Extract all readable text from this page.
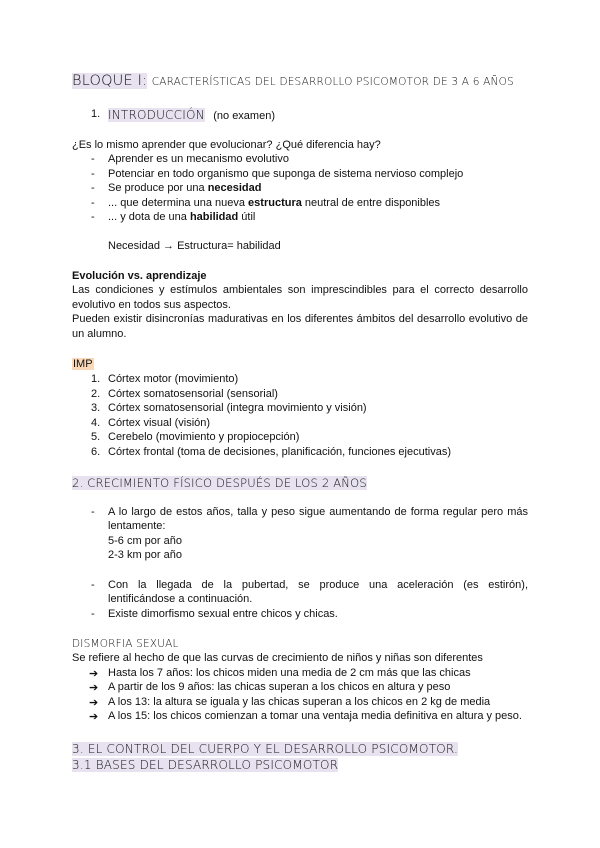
BLOQUE I: CARACTERÍSTICAS DEL DESARROLLO PSICOMOTOR DE 3 A 6 AÑOS
1. INTRODUCCIÓN (no examen)
¿Es lo mismo aprender que evolucionar? ¿Qué diferencia hay?
- Aprender es un mecanismo evolutivo
- Potenciar en todo organismo que suponga de sistema nervioso complejo
- Se produce por una necesidad
- ... que determina una nueva estructura neutral de entre disponibles
- ... y dota de una habilidad útil
Necesidad → Estructura= habilidad
Evolución vs. aprendizaje
Las condiciones y estímulos ambientales son imprescindibles para el correcto desarrollo
evolutivo en todos sus aspectos.
Pueden existir disincronías madurativas en los diferentes ámbitos del desarrollo evolutivo de
un alumno.
IMP
1. Córtex motor (movimiento)
2. Córtex somatosensorial (sensorial)
3. Córtex somatosensorial (integra movimiento y visión)
4. Córtex visual (visión)
5. Cerebelo (movimiento y propiocepción)
6. Córtex frontal (toma de decisiones, planificación, funciones ejecutivas)
2. CRECIMIENTO FÍSICO DESPUÉS DE LOS 2 AÑOS
- A lo largo de estos años, talla y peso sigue aumentando de forma regular pero más
lentamente:
5-6 cm por año
2-3 km por año
- Con la llegada de la pubertad, se produce una aceleración (es estirón),
lentificándose a continuación.
- Existe dimorfismo sexual entre chicos y chicas.
DISMORFIA SEXUAL
Se refiere al hecho de que las curvas de crecimiento de niños y niñas son diferentes
➔ Hasta los 7 años: los chicos miden una media de 2 cm más que las chicas
➔ A partir de los 9 años: las chicas superan a los chicos en altura y peso
➔ A los 13: la altura se iguala y las chicas superan a los chicos en 2 kg de media
➔ A los 15: los chicos comienzan a tomar una ventaja media definitiva en altura y peso.
3. EL CONTROL DEL CUERPO Y EL DESARROLLO PSICOMOTOR.
3.1 BASES DEL DESARROLLO PSICOMOTOR
